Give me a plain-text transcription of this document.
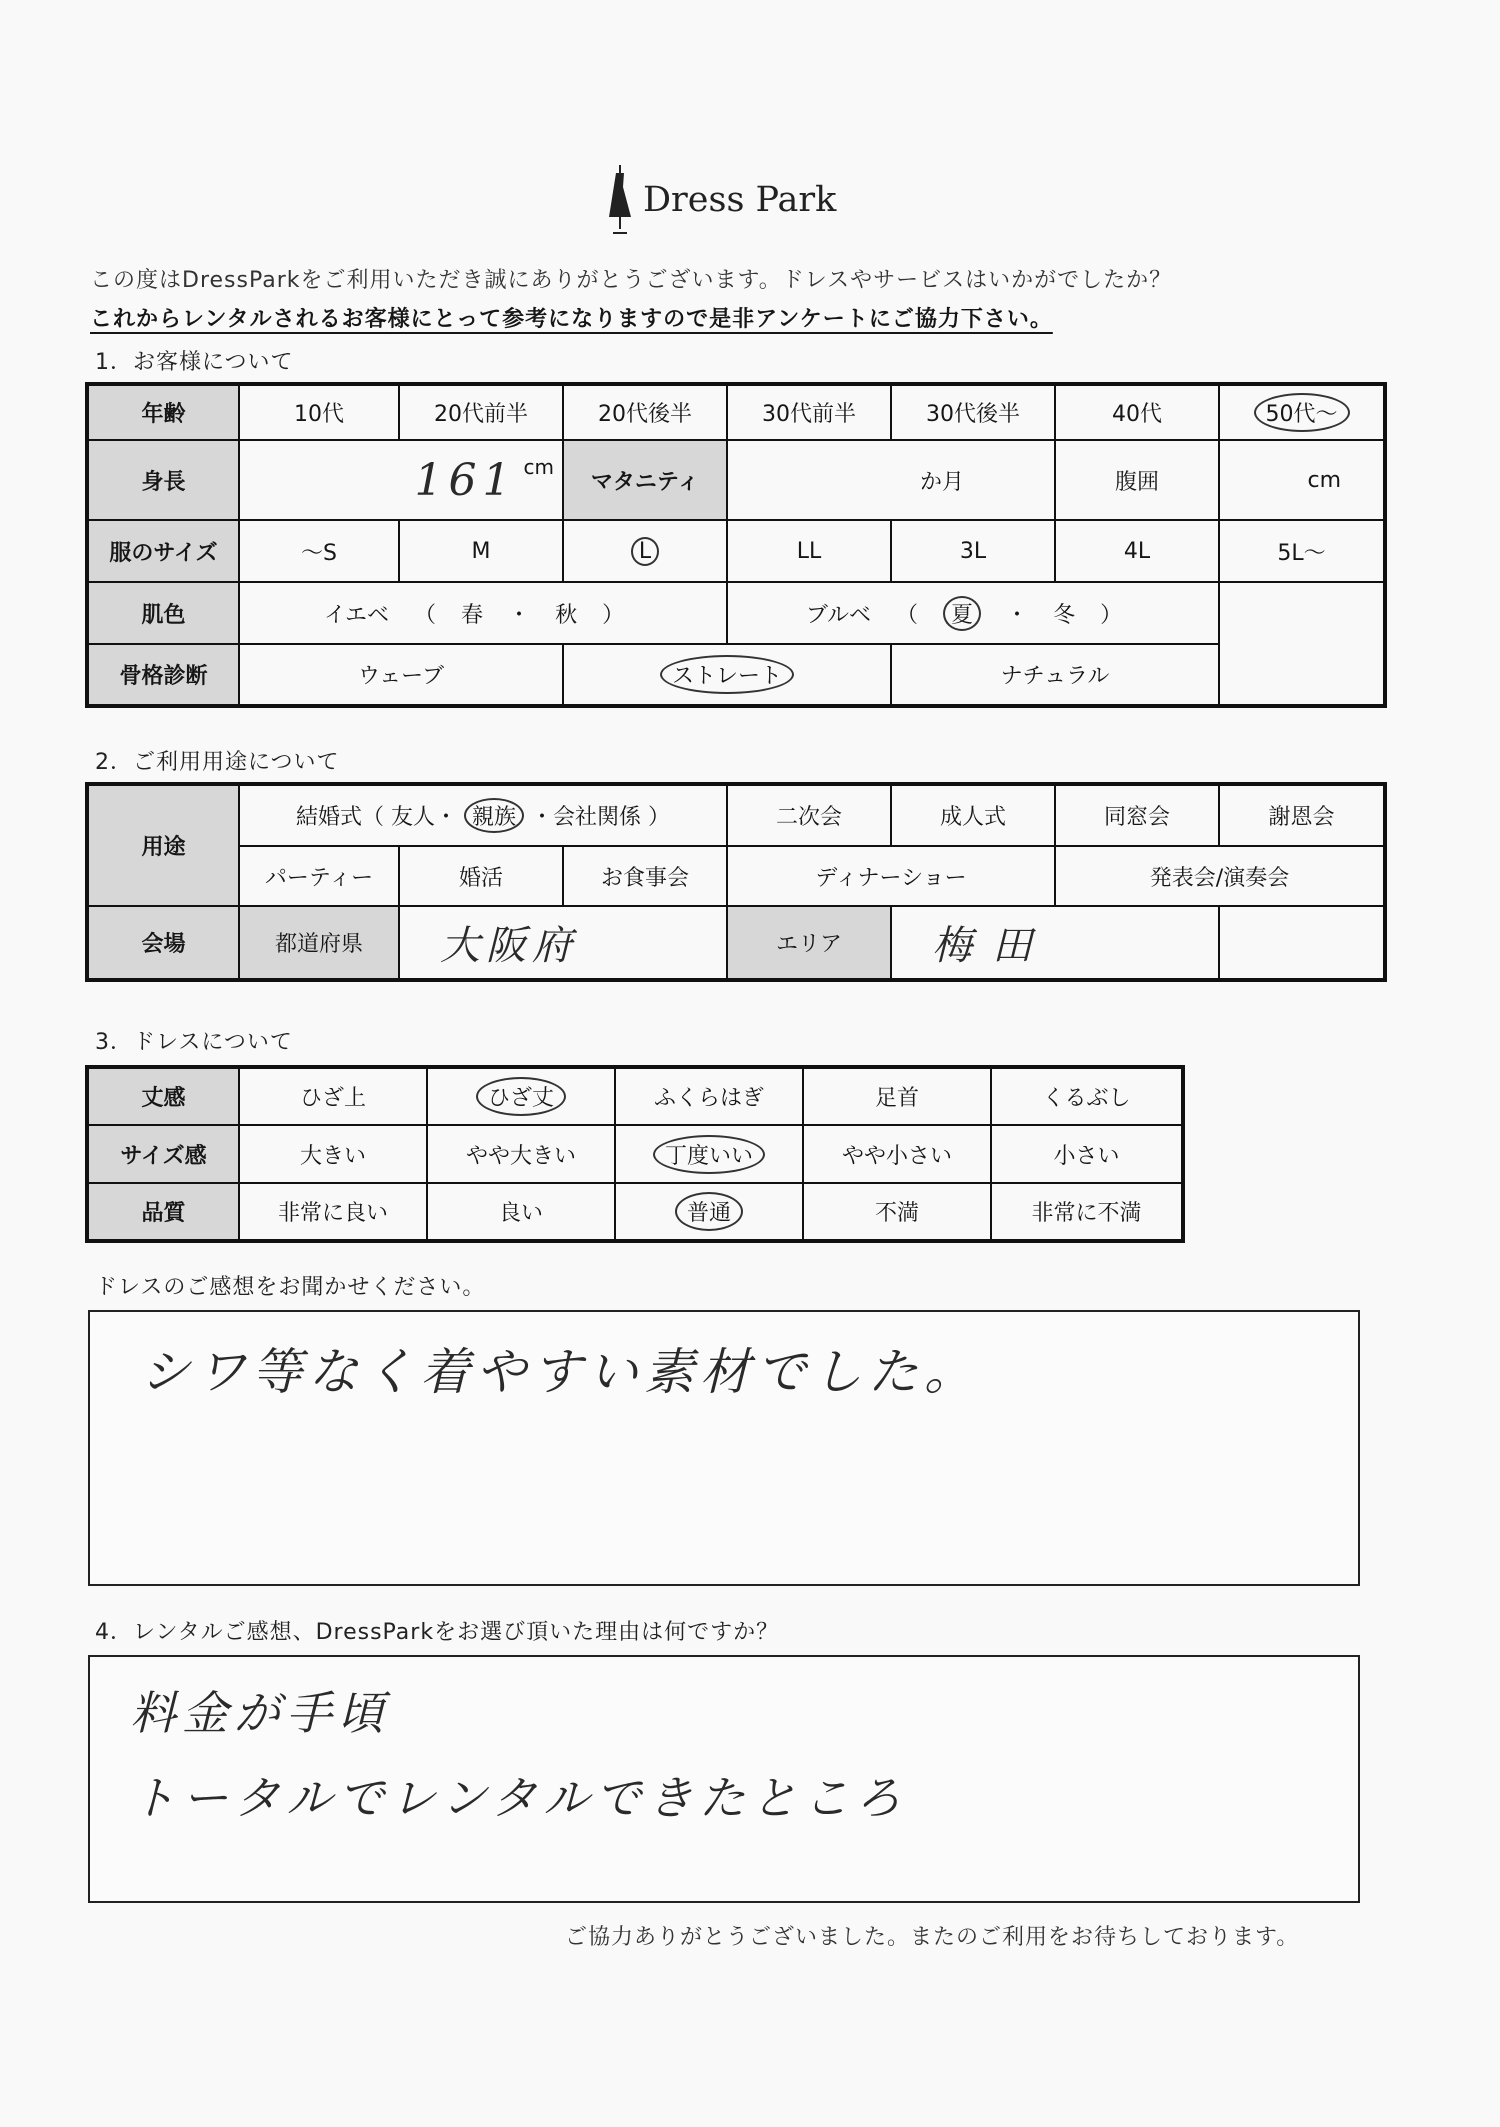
Dress Park
この度はDressParkをご利用いただき誠にありがとうございます。ドレスやサービスはいかがでしたか？
これからレンタルされるお客様にとって参考になりますので是非アンケートにご協力下さい。
1．お客様について
年齢	10代	20代前半	20代後半	30代前半	30代後半	40代	50代～
身長	161 cm		マタニティ	か月		腹囲	cm
服のサイズ	～S	M	L	LL	3L	4L	5L～
肌色	イエベ （ 春 ・ 秋 ）			ブルベ （ 夏 ・ 冬 ）			
骨格診断	ウェーブ		ストレート		ナチュラル		
2．ご利用用途について
用途	結婚式（ 友人・ 親族 ・会社関係 ）			二次会	成人式	同窓会	謝恩会
	パーティー	婚活	お食事会	ディナーショー		発表会/演奏会	
会場	都道府県	大阪府		エリア	梅田		
3．ドレスについて
丈感	ひざ上	ひざ丈	ふくらはぎ	足首	くるぶし
サイズ感	大きい	やや大きい	丁度いい	やや小さい	小さい
品質	非常に良い	良い	普通	不満	非常に不満
ドレスのご感想をお聞かせください。
シワ等なく着やすい素材でした。
4．レンタルご感想、DressParkをお選び頂いた理由は何ですか？
料金が手頃
トータルでレンタルできたところ
ご協力ありがとうございました。またのご利用をお待ちしております。
